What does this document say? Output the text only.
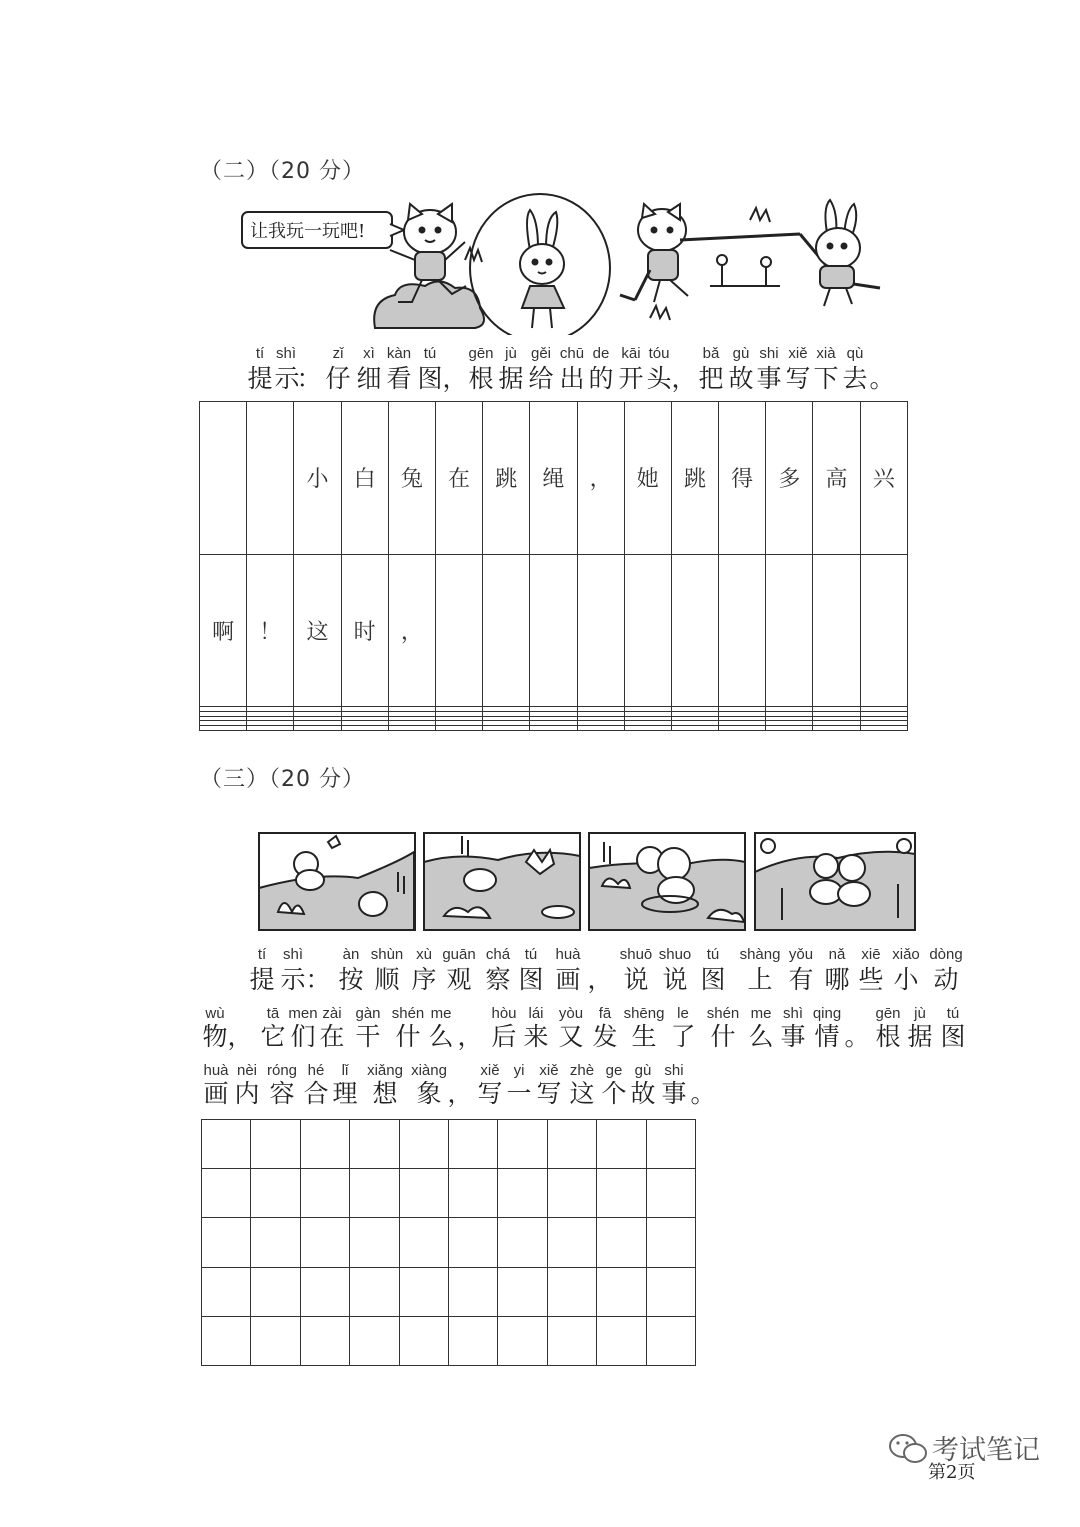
（二）（20 分）
让我玩一玩吧!
tí shì zǐ xì kàn tú gēn jù gěi chū de kāi tóu bǎ gù shi xiě xià qù
提 示
： 仔 细 看 图 ， 根 据 给 出 的 开 头 ， 把 故 事 写 下 去 。
		小	白	兔	在	跳	绳	，	她	跳	得	多	高	兴
啊	！	这	时	，										

（三）（20 分）
tí shì	àn shùn xù guān chá tú huà	shuō shuo tú shàng yǒu nǎ xiē xiǎo dòng
提 示 ： 按 顺 序 观 察 图 画 ， 说 说 图 上 有 哪 些 小 动
wù	tā men zài gàn shén me	hòu lái yòu fā shēng le shén me shì qing gēn jù tú
物 ， 它 们 在 干 什 么 ， 后 来 又 发 生 了 什 么 事 情 。 根 据 图
huà nèi róng hé lǐ xiǎng xiàng xiě yi xiě zhè ge gù shi
画 内 容 合 理 想 象 ， 写 一 写 这 个 故 事 。

考试笔记
第2页
